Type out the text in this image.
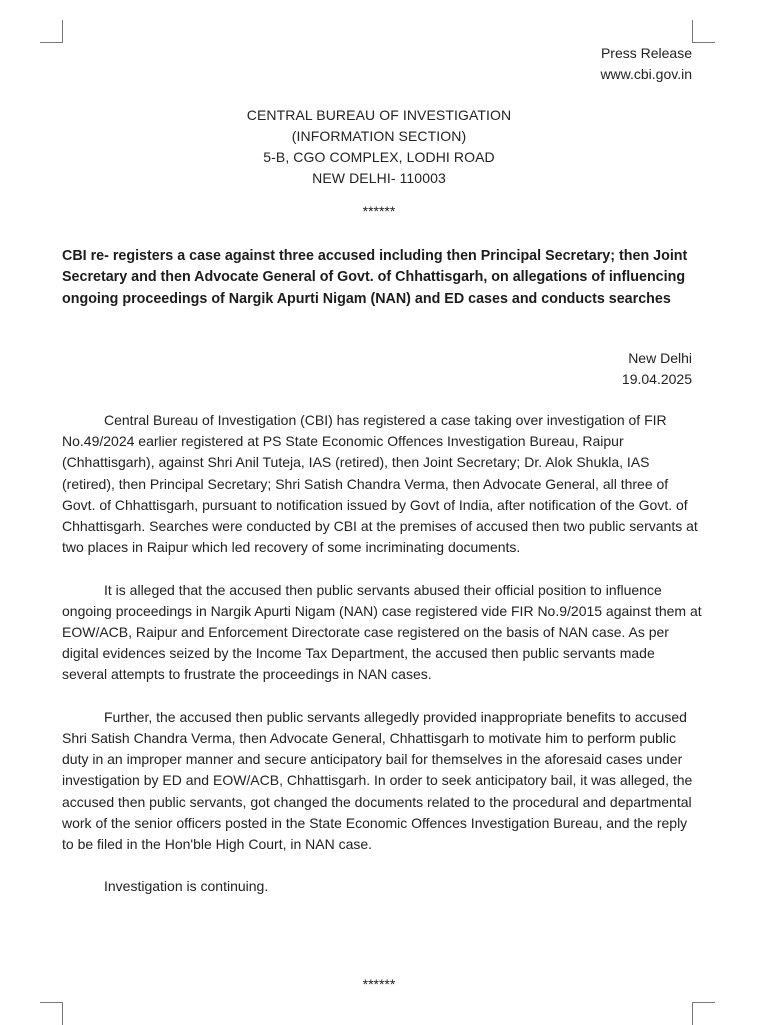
Press Release
www.cbi.gov.in
CENTRAL BUREAU OF INVESTIGATION
(INFORMATION SECTION)
5-B, CGO COMPLEX, LODHI ROAD
NEW DELHI- 110003
******
CBI re- registers a case against three accused including then Principal Secretary; then Joint Secretary and then Advocate General of Govt. of Chhattisgarh, on allegations of influencing ongoing proceedings of Nargik Apurti Nigam (NAN) and ED cases and conducts searches
New Delhi
19.04.2025

Central Bureau of Investigation (CBI) has registered a case taking over investigation of FIR No.49/2024 earlier registered at PS State Economic Offences Investigation Bureau, Raipur (Chhattisgarh), against Shri Anil Tuteja, IAS (retired), then Joint Secretary; Dr. Alok Shukla, IAS (retired), then Principal Secretary; Shri Satish Chandra Verma, then Advocate General, all three of Govt. of Chhattisgarh, pursuant to notification issued by Govt of India, after notification of the Govt. of Chhattisgarh. Searches were conducted by CBI at the premises of accused then two public servants at two places in Raipur which led recovery of some incriminating documents.

It is alleged that the accused then public servants abused their official position to influence ongoing proceedings in Nargik Apurti Nigam (NAN) case registered vide FIR No.9/2015 against them at EOW/ACB, Raipur and Enforcement Directorate case registered on the basis of NAN case. As per digital evidences seized by the Income Tax Department, the accused then public servants made several attempts to frustrate the proceedings in NAN cases.

Further, the accused then public servants allegedly provided inappropriate benefits to accused Shri Satish Chandra Verma, then Advocate General, Chhattisgarh to motivate him to perform public duty in an improper manner and secure anticipatory bail for themselves in the aforesaid cases under investigation by ED and EOW/ACB, Chhattisgarh. In order to seek anticipatory bail, it was alleged, the accused then public servants, got changed the documents related to the procedural and departmental work of the senior officers posted in the State Economic Offences Investigation Bureau, and the reply to be filed in the Hon'ble High Court, in NAN case.

Investigation is continuing.

******
